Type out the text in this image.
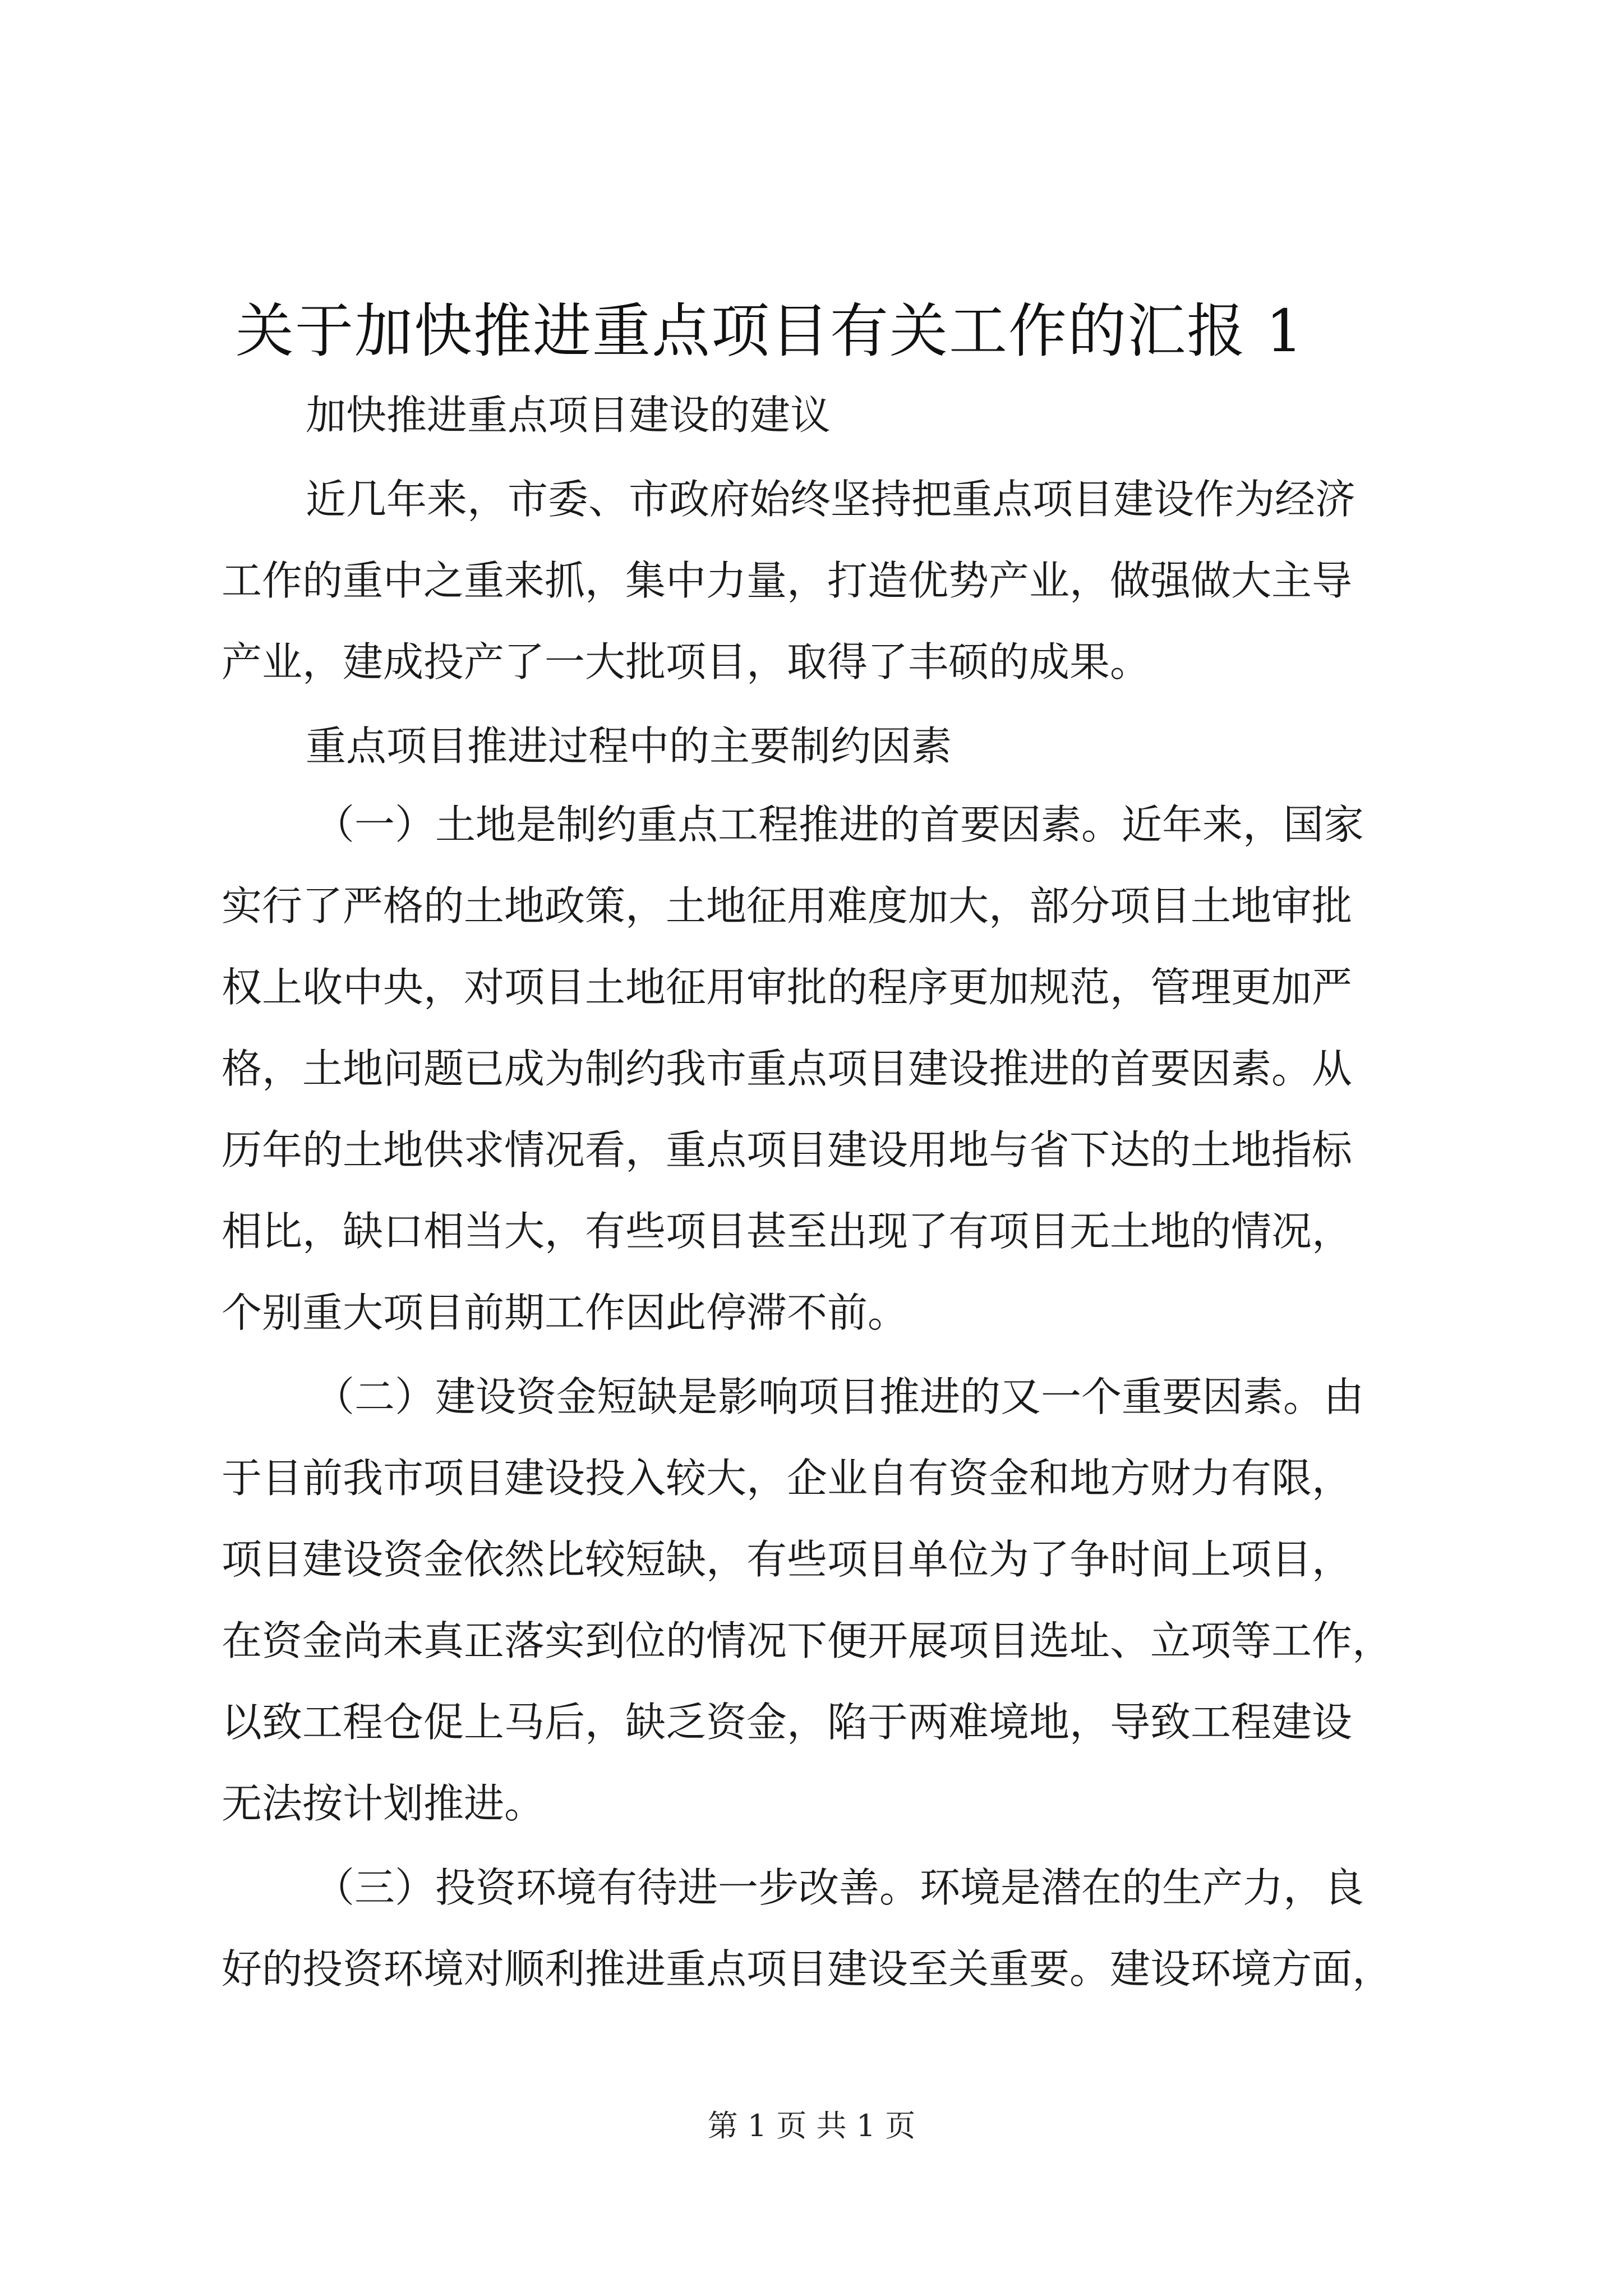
关于加快推进重点项目有关工作的汇报 1
加快推进重点项目建设的建议
近几年来，市委、市政府始终坚持把重点项目建设作为经济
工作的重中之重来抓，集中力量，打造优势产业，做强做大主导
产业，建成投产了一大批项目，取得了丰硕的成果。
重点项目推进过程中的主要制约因素
（一）土地是制约重点工程推进的首要因素。近年来，国家
实行了严格的土地政策，土地征用难度加大，部分项目土地审批
权上收中央，对项目土地征用审批的程序更加规范，管理更加严
格，土地问题已成为制约我市重点项目建设推进的首要因素。从
历年的土地供求情况看，重点项目建设用地与省下达的土地指标
相比，缺口相当大，有些项目甚至出现了有项目无土地的情况，
个别重大项目前期工作因此停滞不前。
（二）建设资金短缺是影响项目推进的又一个重要因素。由
于目前我市项目建设投入较大，企业自有资金和地方财力有限，
项目建设资金依然比较短缺，有些项目单位为了争时间上项目，
在资金尚未真正落实到位的情况下便开展项目选址、立项等工作，
以致工程仓促上马后，缺乏资金，陷于两难境地，导致工程建设
无法按计划推进。
（三）投资环境有待进一步改善。环境是潜在的生产力，良
好的投资环境对顺利推进重点项目建设至关重要。建设环境方面，
第 1 页 共 1 页
